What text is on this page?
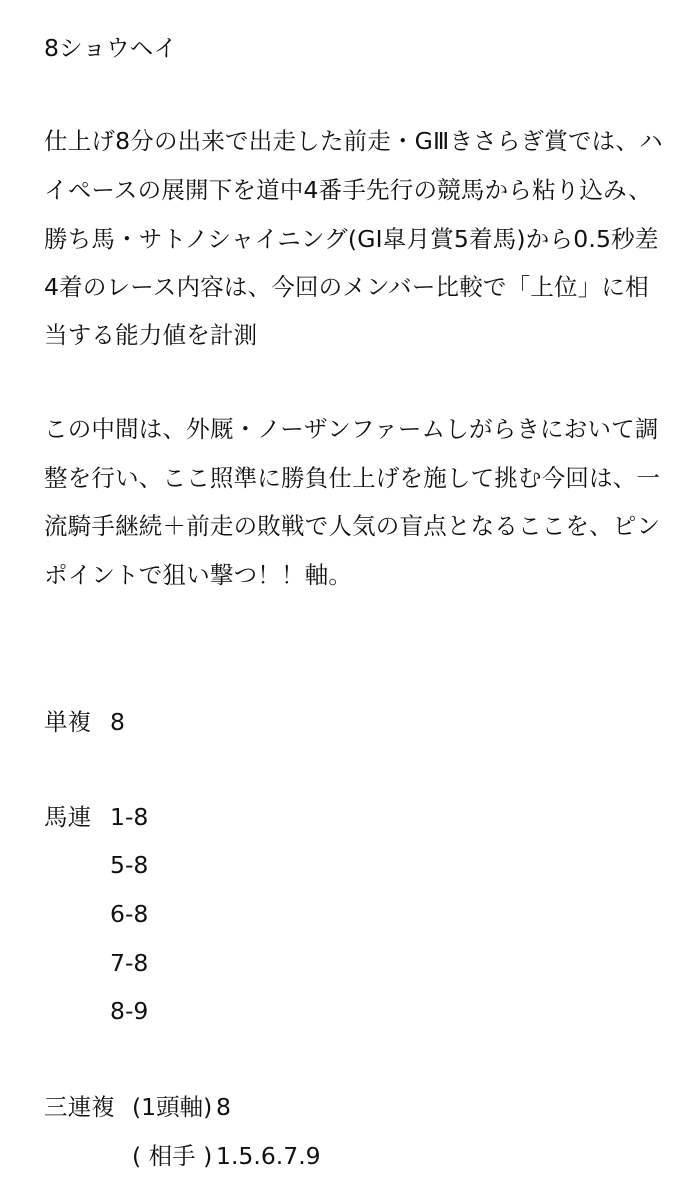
8ショウヘイ
仕上げ8分の出来で出走した前走・GⅢきさらぎ賞では、ハ
イペースの展開下を道中4番手先行の競馬から粘り込み、
勝ち馬・サトノシャイニング(GⅠ皐月賞5着馬)から0.5秒差
4着のレース内容は、今回のメンバー比較で「上位」に相
当する能力値を計測
この中間は、外厩・ノーザンファームしがらきにおいて調
整を行い、ここ照準に勝負仕上げを施して挑む今回は、一
流騎手継続＋前走の敗戦で人気の盲点となるここを、ピン
ポイントで狙い撃つ！！軸。
単複 8
馬連 1-8
5-8
6-8
7-8
8-9
三連複 (1頭軸) 8
( 相手 ) 1.5.6.7.9
